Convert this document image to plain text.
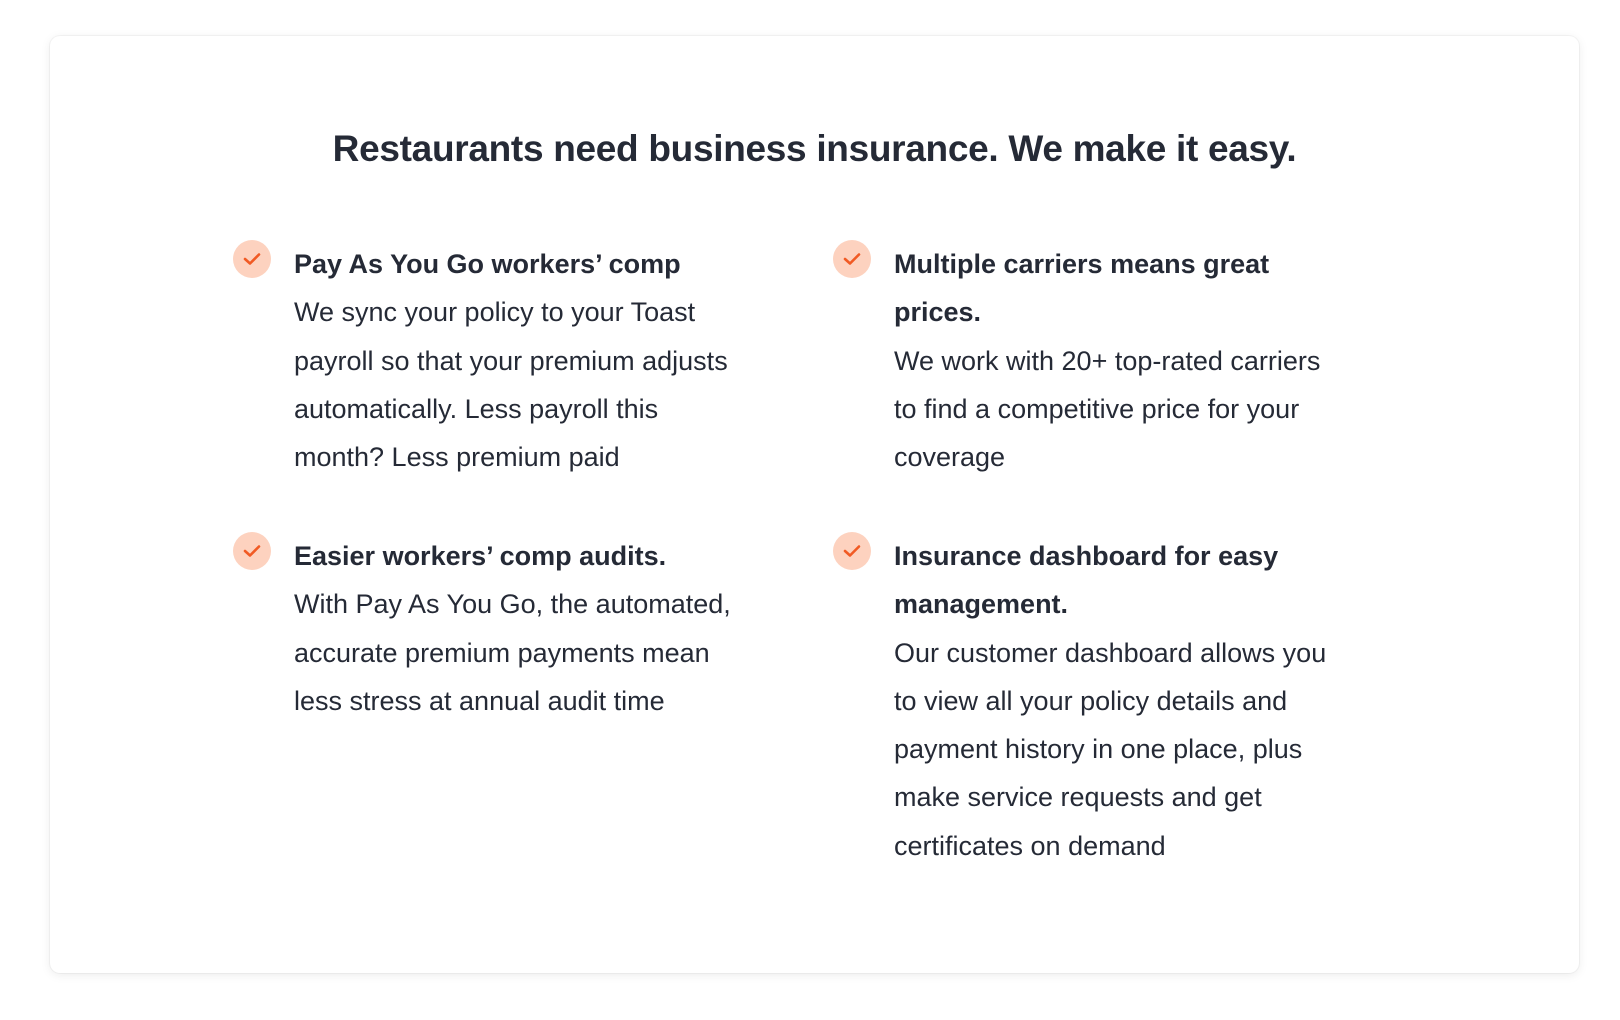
Restaurants need business insurance. We make it easy.
Pay As You Go workers’ comp
We sync your policy to your Toast payroll so that your premium adjusts automatically. Less payroll this month? Less premium paid
Multiple carriers means great prices.
We work with 20+ top-rated carriers to find a competitive price for your coverage
Easier workers’ comp audits.
With Pay As You Go, the automated, accurate premium payments mean less stress at annual audit time
Insurance dashboard for easy management.
Our customer dashboard allows you to view all your policy details and payment history in one place, plus make service requests and get certificates on demand
